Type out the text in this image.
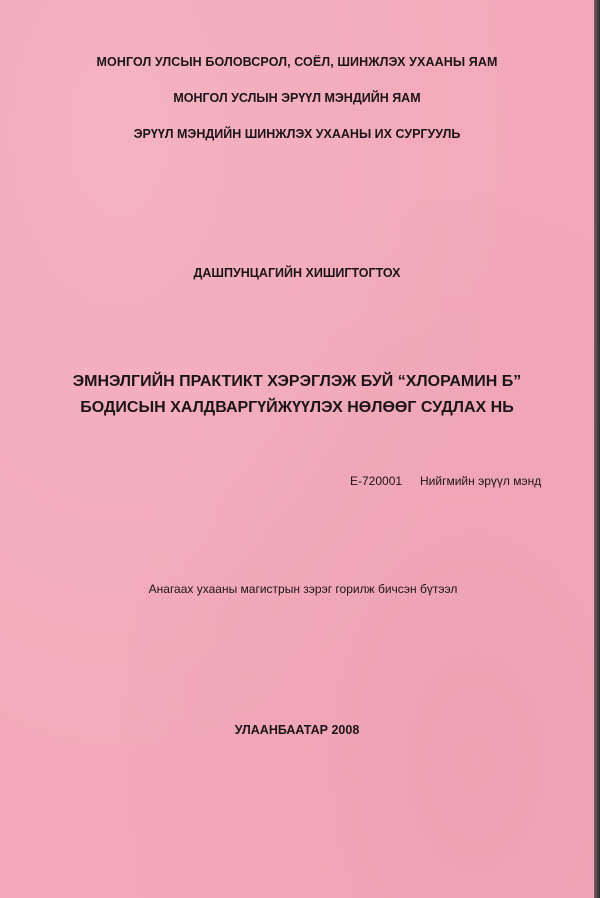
МОНГОЛ УЛСЫН БОЛОВСРОЛ, СОЁЛ, ШИНЖЛЭХ УХААНЫ ЯАМ
МОНГОЛ УСЛЫН ЭРҮҮЛ МЭНДИЙН ЯАМ
ЭРҮҮЛ МЭНДИЙН ШИНЖЛЭХ УХААНЫ ИХ СУРГУУЛЬ
ДАШПУНЦАГИЙН ХИШИГТОГТОХ
ЭМНЭЛГИЙН ПРАКТИКТ ХЭРЭГЛЭЖ БУЙ “ХЛОРАМИН Б”
БОДИСЫН ХАЛДВАРГҮЙЖҮҮЛЭХ НӨЛӨӨГ СУДЛАХ НЬ
Е-720001 Нийгмийн эрүүл мэнд
Анагаах ухааны магистрын зэрэг горилж бичсэн бүтээл
УЛААНБААТАР 2008
